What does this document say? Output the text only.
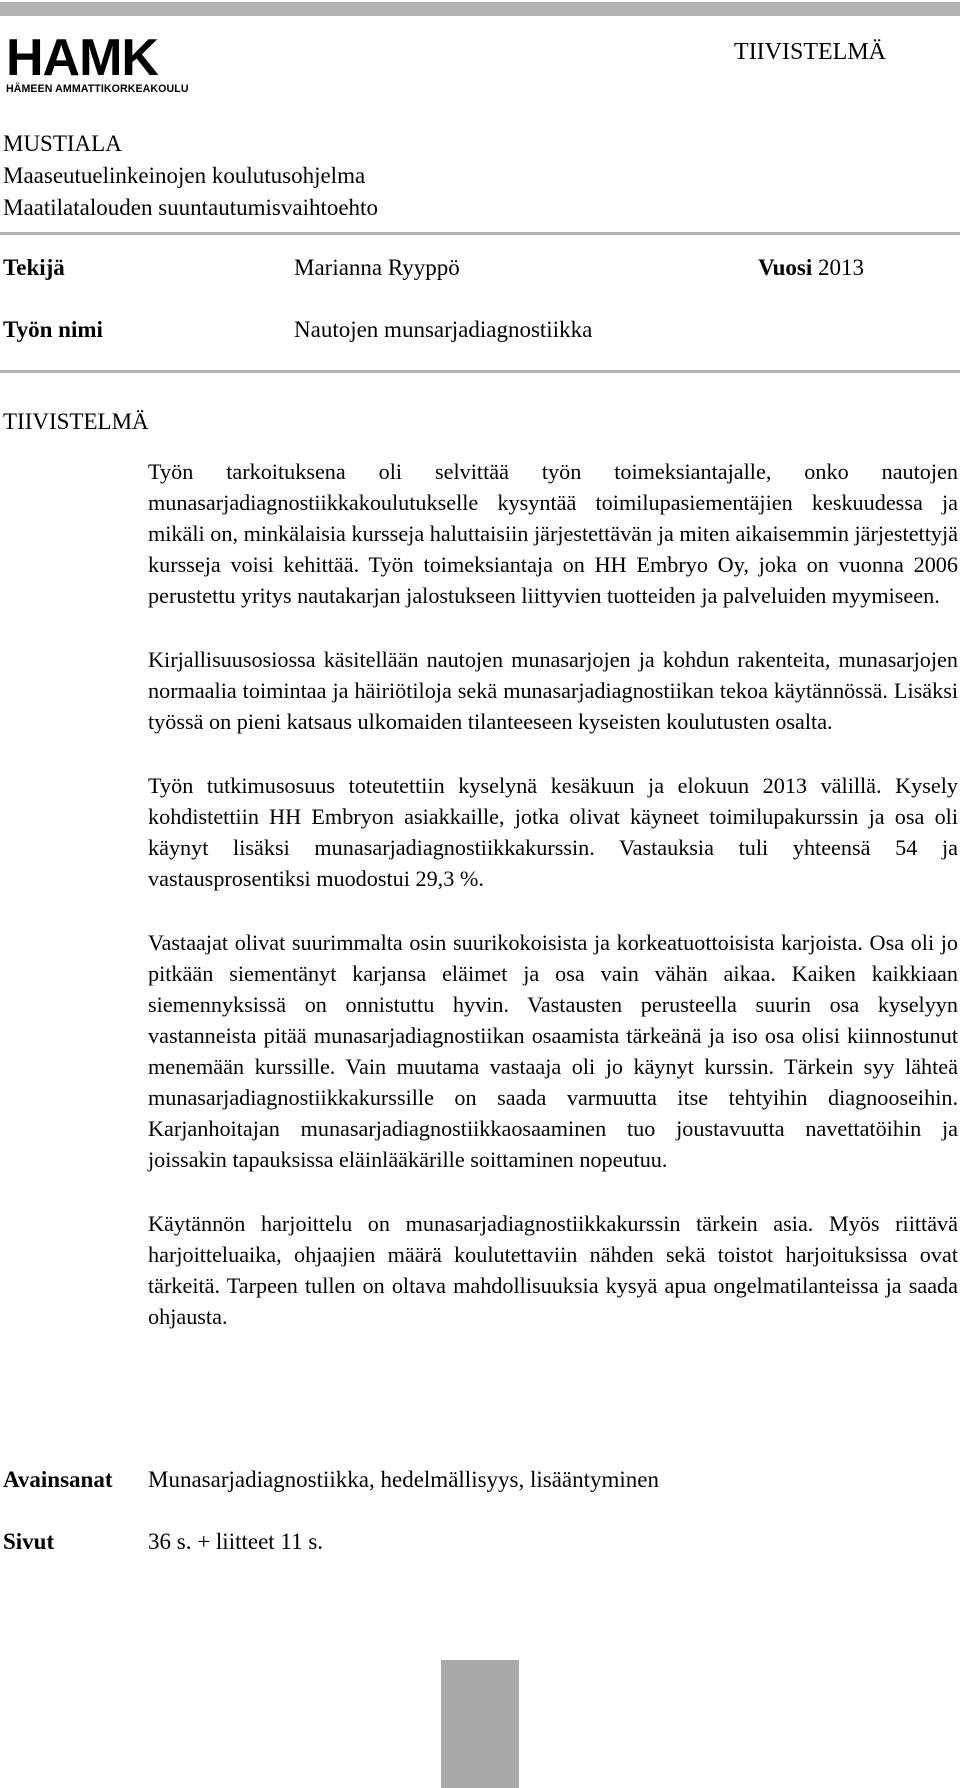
HAMK
HÄMEEN AMMATTIKORKEAKOULU
TIIVISTELMÄ
MUSTIALA
Maaseutuelinkeinojen koulutusohjelma
Maatilatalouden suuntautumisvaihtoehto
Tekijä	Marianna Ryyppö	Vuosi 2013
Työn nimi	Nautojen munsarjadiagnostiikka
TIIVISTELMÄ

Työn tarkoituksena oli selvittää työn toimeksiantajalle, onko nautojen munasarjadiagnostiikkakoulutukselle kysyntää toimilupasiementäjien keskuudessa ja mikäli on, minkälaisia kursseja haluttaisiin järjestettävän ja miten aikaisemmin järjestettyjä kursseja voisi kehittää. Työn toimeksiantaja on HH Embryo Oy, joka on vuonna 2006 perustettu yritys nautakarjan jalostukseen liittyvien tuotteiden ja palveluiden myymiseen.

Kirjallisuusosiossa käsitellään nautojen munasarjojen ja kohdun rakenteita, munasarjojen normaalia toimintaa ja häiriötiloja sekä munasarjadiagnostiikan tekoa käytännössä. Lisäksi työssä on pieni katsaus ulkomaiden tilanteeseen kyseisten koulutusten osalta.

Työn tutkimusosuus toteutettiin kyselynä kesäkuun ja elokuun 2013 välillä. Kysely kohdistettiin HH Embryon asiakkaille, jotka olivat käyneet toimilupakurssin ja osa oli käynyt lisäksi munasarjadiagnostiikkakurssin. Vastauksia tuli yhteensä 54 ja vastausprosentiksi muodostui 29,3 %.

Vastaajat olivat suurimmalta osin suurikokoisista ja korkeatuottoisista karjoista. Osa oli jo pitkään siementänyt karjansa eläimet ja osa vain vähän aikaa. Kaiken kaikkiaan siemennyksissä on onnistuttu hyvin. Vastausten perusteella suurin osa kyselyyn vastanneista pitää munasarjadiagnostiikan osaamista tärkeänä ja iso osa olisi kiinnostunut menemään kurssille. Vain muutama vastaaja oli jo käynyt kurssin. Tärkein syy lähteä munasarjadiagnostiikkakurssille on saada varmuutta itse tehtyihin diagnooseihin. Karjanhoitajan munasarjadiagnostiikkaosaaminen tuo joustavuutta navettatöihin ja joissakin tapauksissa eläinlääkärille soittaminen nopeutuu.

Käytännön harjoittelu on munasarjadiagnostiikkakurssin tärkein asia. Myös riittävä harjoitteluaika, ohjaajien määrä koulutettaviin nähden sekä toistot harjoituksissa ovat tärkeitä. Tarpeen tullen on oltava mahdollisuuksia kysyä apua ongelmatilanteissa ja saada ohjausta.

Avainsanat Munasarjadiagnostiikka, hedelmällisyys, lisääntyminen
Sivut	36 s. + liitteet 11 s.
